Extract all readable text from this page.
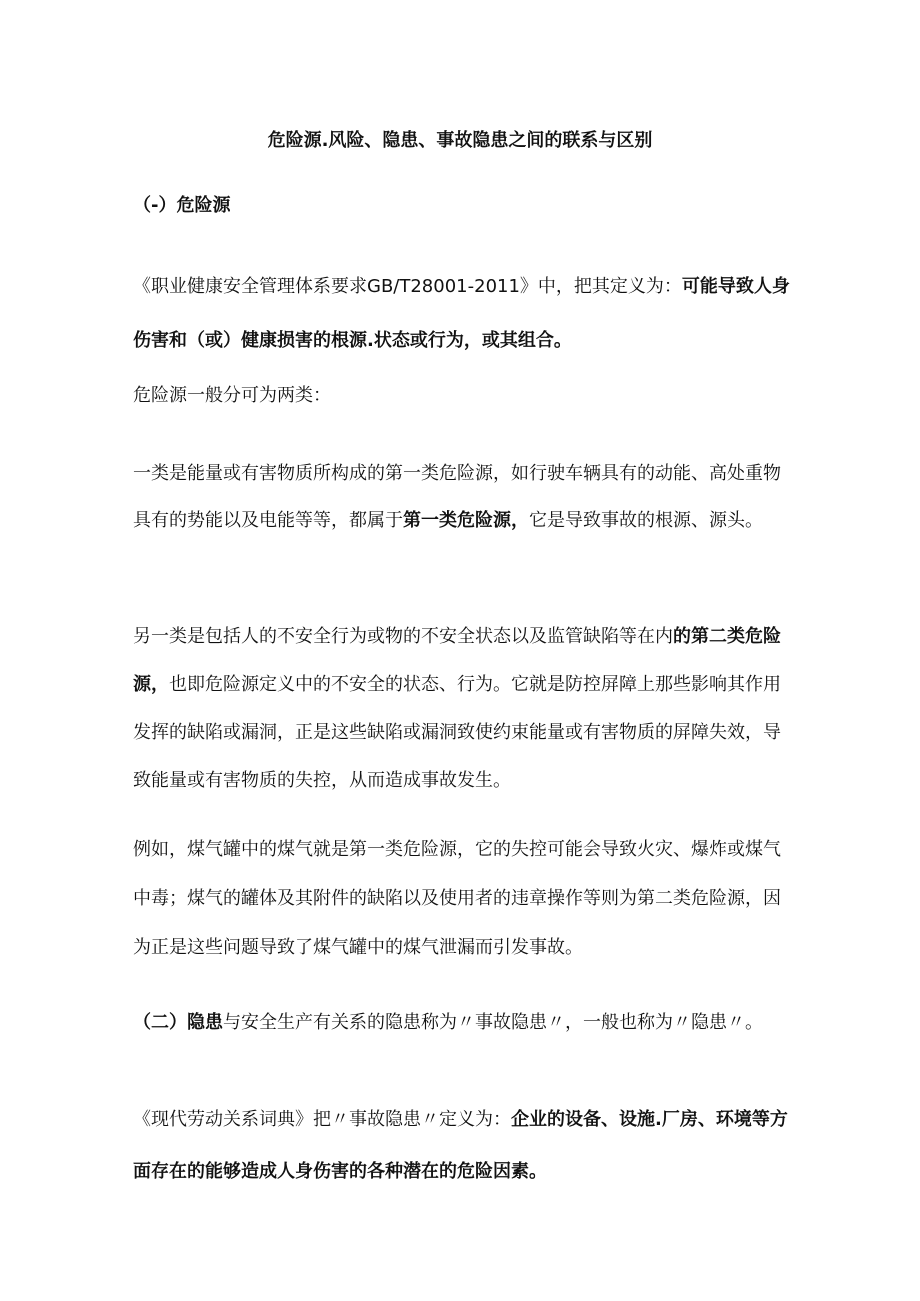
危险源.风险、隐患、事故隐患之间的联系与区别

（-）危险源

《职业健康安全管理体系要求GB/T28001-2011》中，把其定义为：可能导致人身伤害和（或）健康损害的根源.状态或行为，或其组合。

危险源一般分可为两类：

一类是能量或有害物质所构成的第一类危险源，如行驶车辆具有的动能、高处重物具有的势能以及电能等等，都属于第一类危险源，它是导致事故的根源、源头。

另一类是包括人的不安全行为或物的不安全状态以及监管缺陷等在内的第二类危险源，也即危险源定义中的不安全的状态、行为。它就是防控屏障上那些影响其作用发挥的缺陷或漏洞，正是这些缺陷或漏洞致使约束能量或有害物质的屏障失效，导致能量或有害物质的失控，从而造成事故发生。

例如，煤气罐中的煤气就是第一类危险源，它的失控可能会导致火灾、爆炸或煤气中毒；煤气的罐体及其附件的缺陷以及使用者的违章操作等则为第二类危险源，因为正是这些问题导致了煤气罐中的煤气泄漏而引发事故。

（二）隐患与安全生产有关系的隐患称为〃事故隐患〃，一般也称为〃隐患〃。

《现代劳动关系词典》把〃事故隐患〃定义为：企业的设备、设施.厂房、环境等方面存在的能够造成人身伤害的各种潜在的危险因素。
